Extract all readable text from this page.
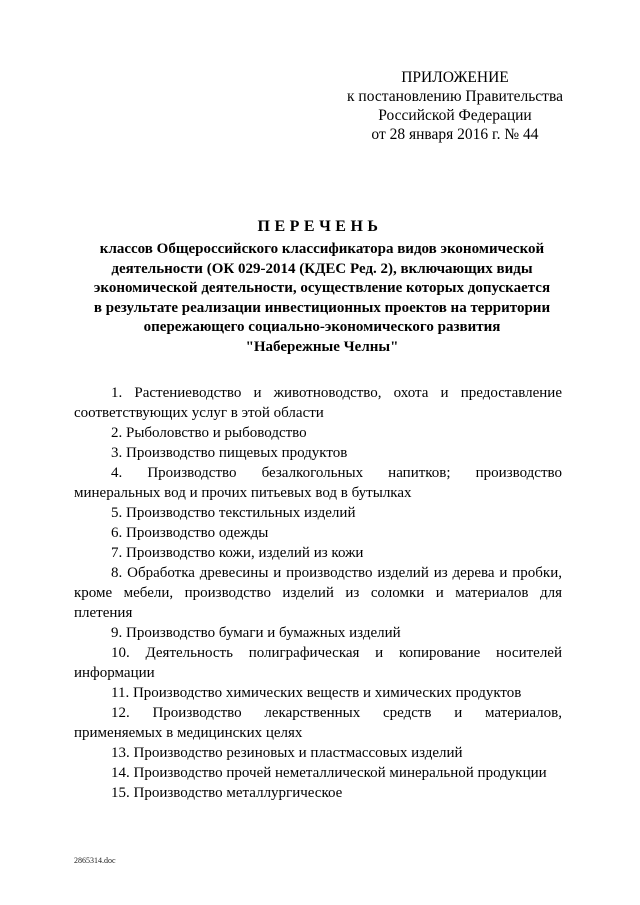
ПРИЛОЖЕНИЕ
к постановлению Правительства
Российской Федерации
от 28 января 2016 г. № 44
ПЕРЕЧЕНЬ
классов Общероссийского классификатора видов экономической
деятельности (ОК 029-2014 (КДЕС Ред. 2), включающих виды
экономической деятельности, осуществление которых допускается
в результате реализации инвестиционных проектов на территории
опережающего социально-экономического развития
"Набережные Челны"
1. Растениеводство и животноводство, охота и предоставление
соответствующих услуг в этой области
2. Рыболовство и рыбоводство
3. Производство пищевых продуктов
4. Производство безалкогольных напитков; производство
минеральных вод и прочих питьевых вод в бутылках
5. Производство текстильных изделий
6. Производство одежды
7. Производство кожи, изделий из кожи
8. Обработка древесины и производство изделий из дерева и пробки,
кроме мебели, производство изделий из соломки и материалов для
плетения
9. Производство бумаги и бумажных изделий
10. Деятельность полиграфическая и копирование носителей
информации
11. Производство химических веществ и химических продуктов
12. Производство лекарственных средств и материалов,
применяемых в медицинских целях
13. Производство резиновых и пластмассовых изделий
14. Производство прочей неметаллической минеральной продукции
15. Производство металлургическое
2865314.doc
